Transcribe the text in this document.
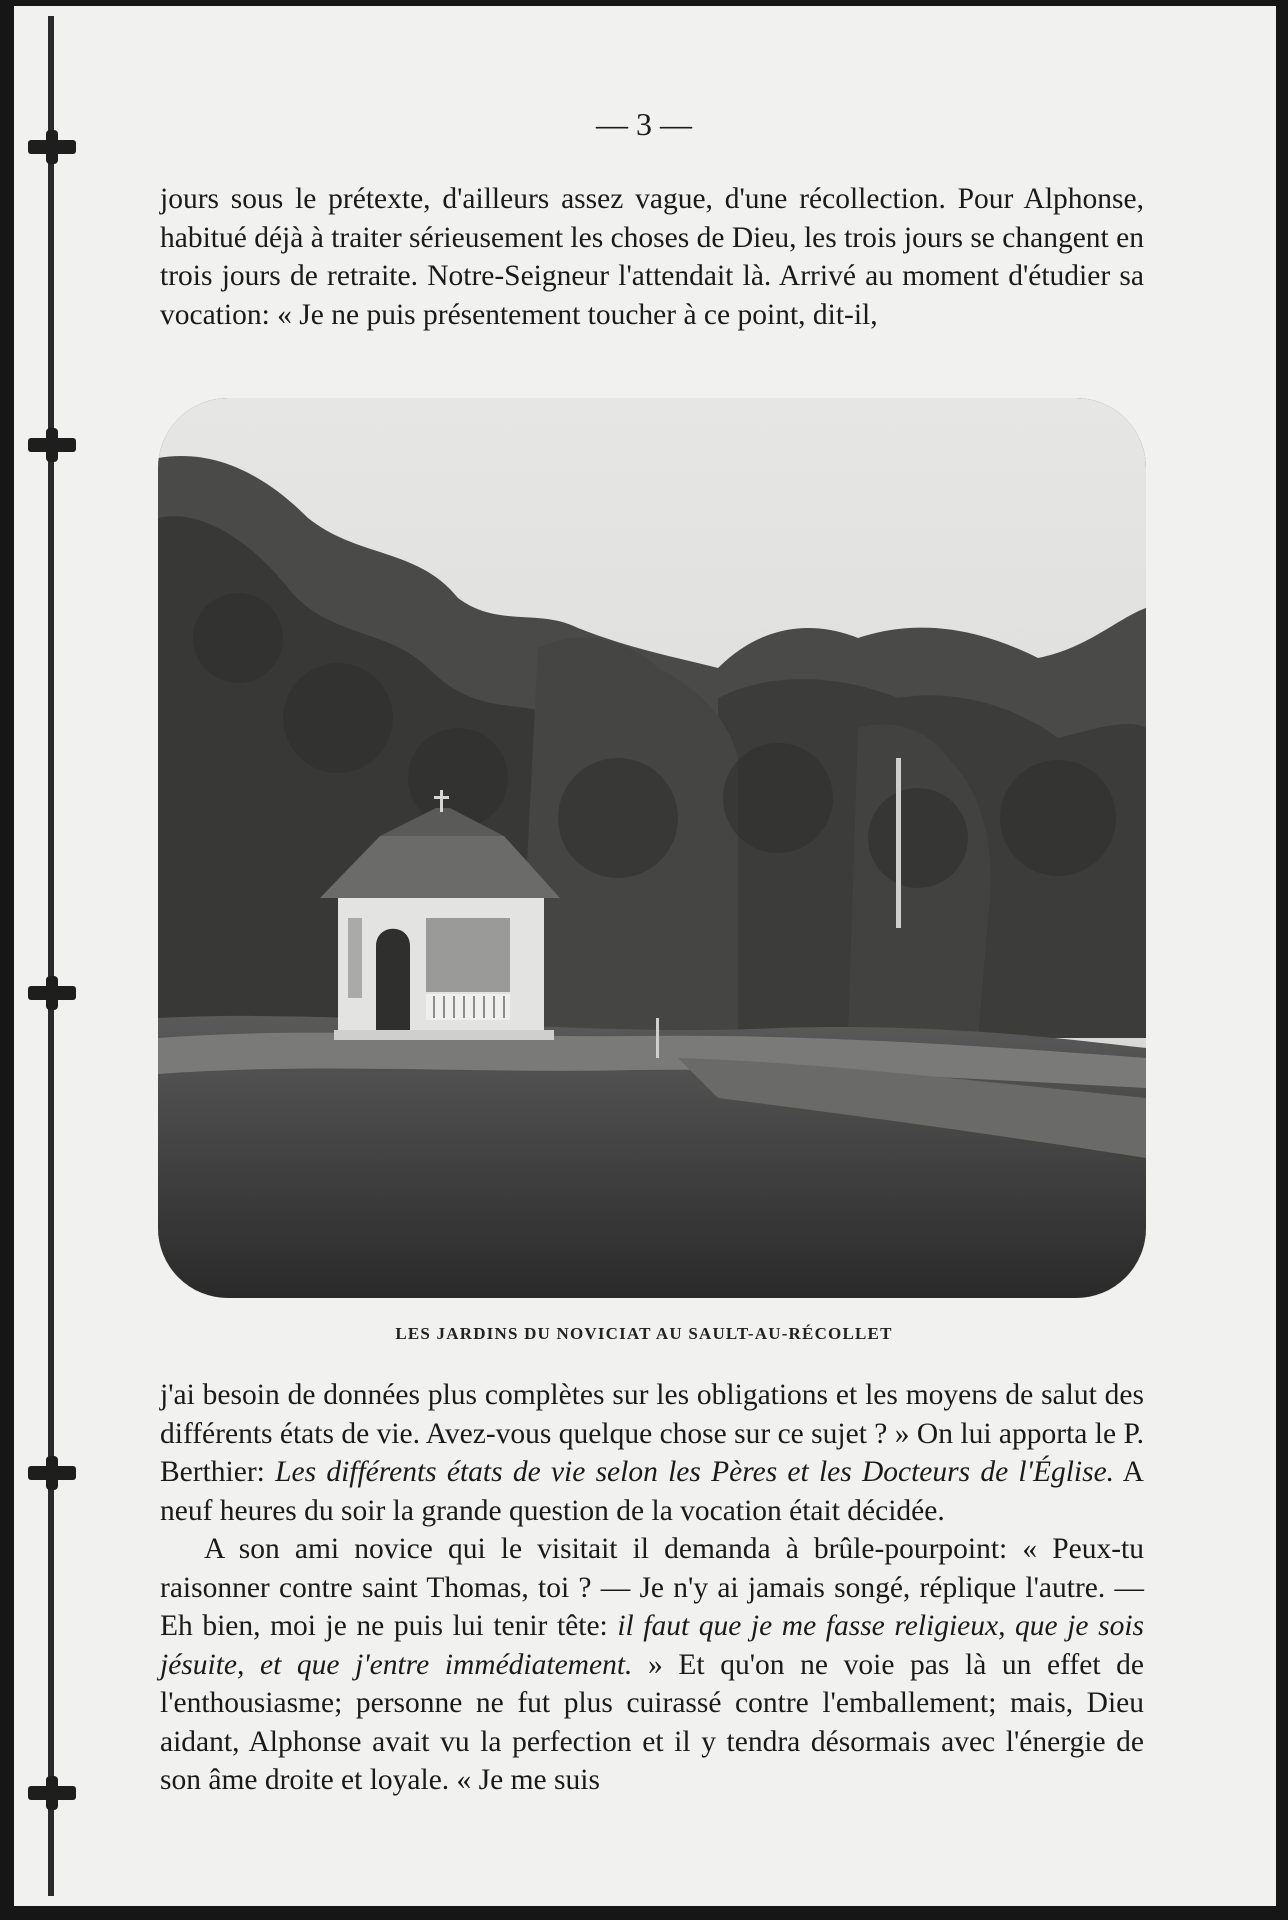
— 3 —

jours sous le prétexte, d'ailleurs assez vague, d'une récollection. Pour Alphonse, habitué déjà à traiter sérieusement les choses de Dieu, les trois jours se changent en trois jours de retraite. Notre-Seigneur l'attendait là. Arrivé au moment d'étudier sa vocation: « Je ne puis présentement toucher à ce point, dit-il,

LES JARDINS DU NOVICIAT AU SAULT-AU-RÉCOLLET

j'ai besoin de données plus complètes sur les obligations et les moyens de salut des différents états de vie. Avez-vous quelque chose sur ce sujet ? » On lui apporta le P. Berthier: Les différents états de vie selon les Pères et les Docteurs de l'Église. A neuf heures du soir la grande question de la vocation était décidée.

A son ami novice qui le visitait il demanda à brûle-pourpoint: « Peux-tu raisonner contre saint Thomas, toi ? — Je n'y ai jamais songé, réplique l'autre. — Eh bien, moi je ne puis lui tenir tête: il faut que je me fasse religieux, que je sois jésuite, et que j'entre immédiatement. » Et qu'on ne voie pas là un effet de l'enthousiasme; personne ne fut plus cuirassé contre l'emballement; mais, Dieu aidant, Alphonse avait vu la perfection et il y tendra désormais avec l'énergie de son âme droite et loyale. « Je me suis
